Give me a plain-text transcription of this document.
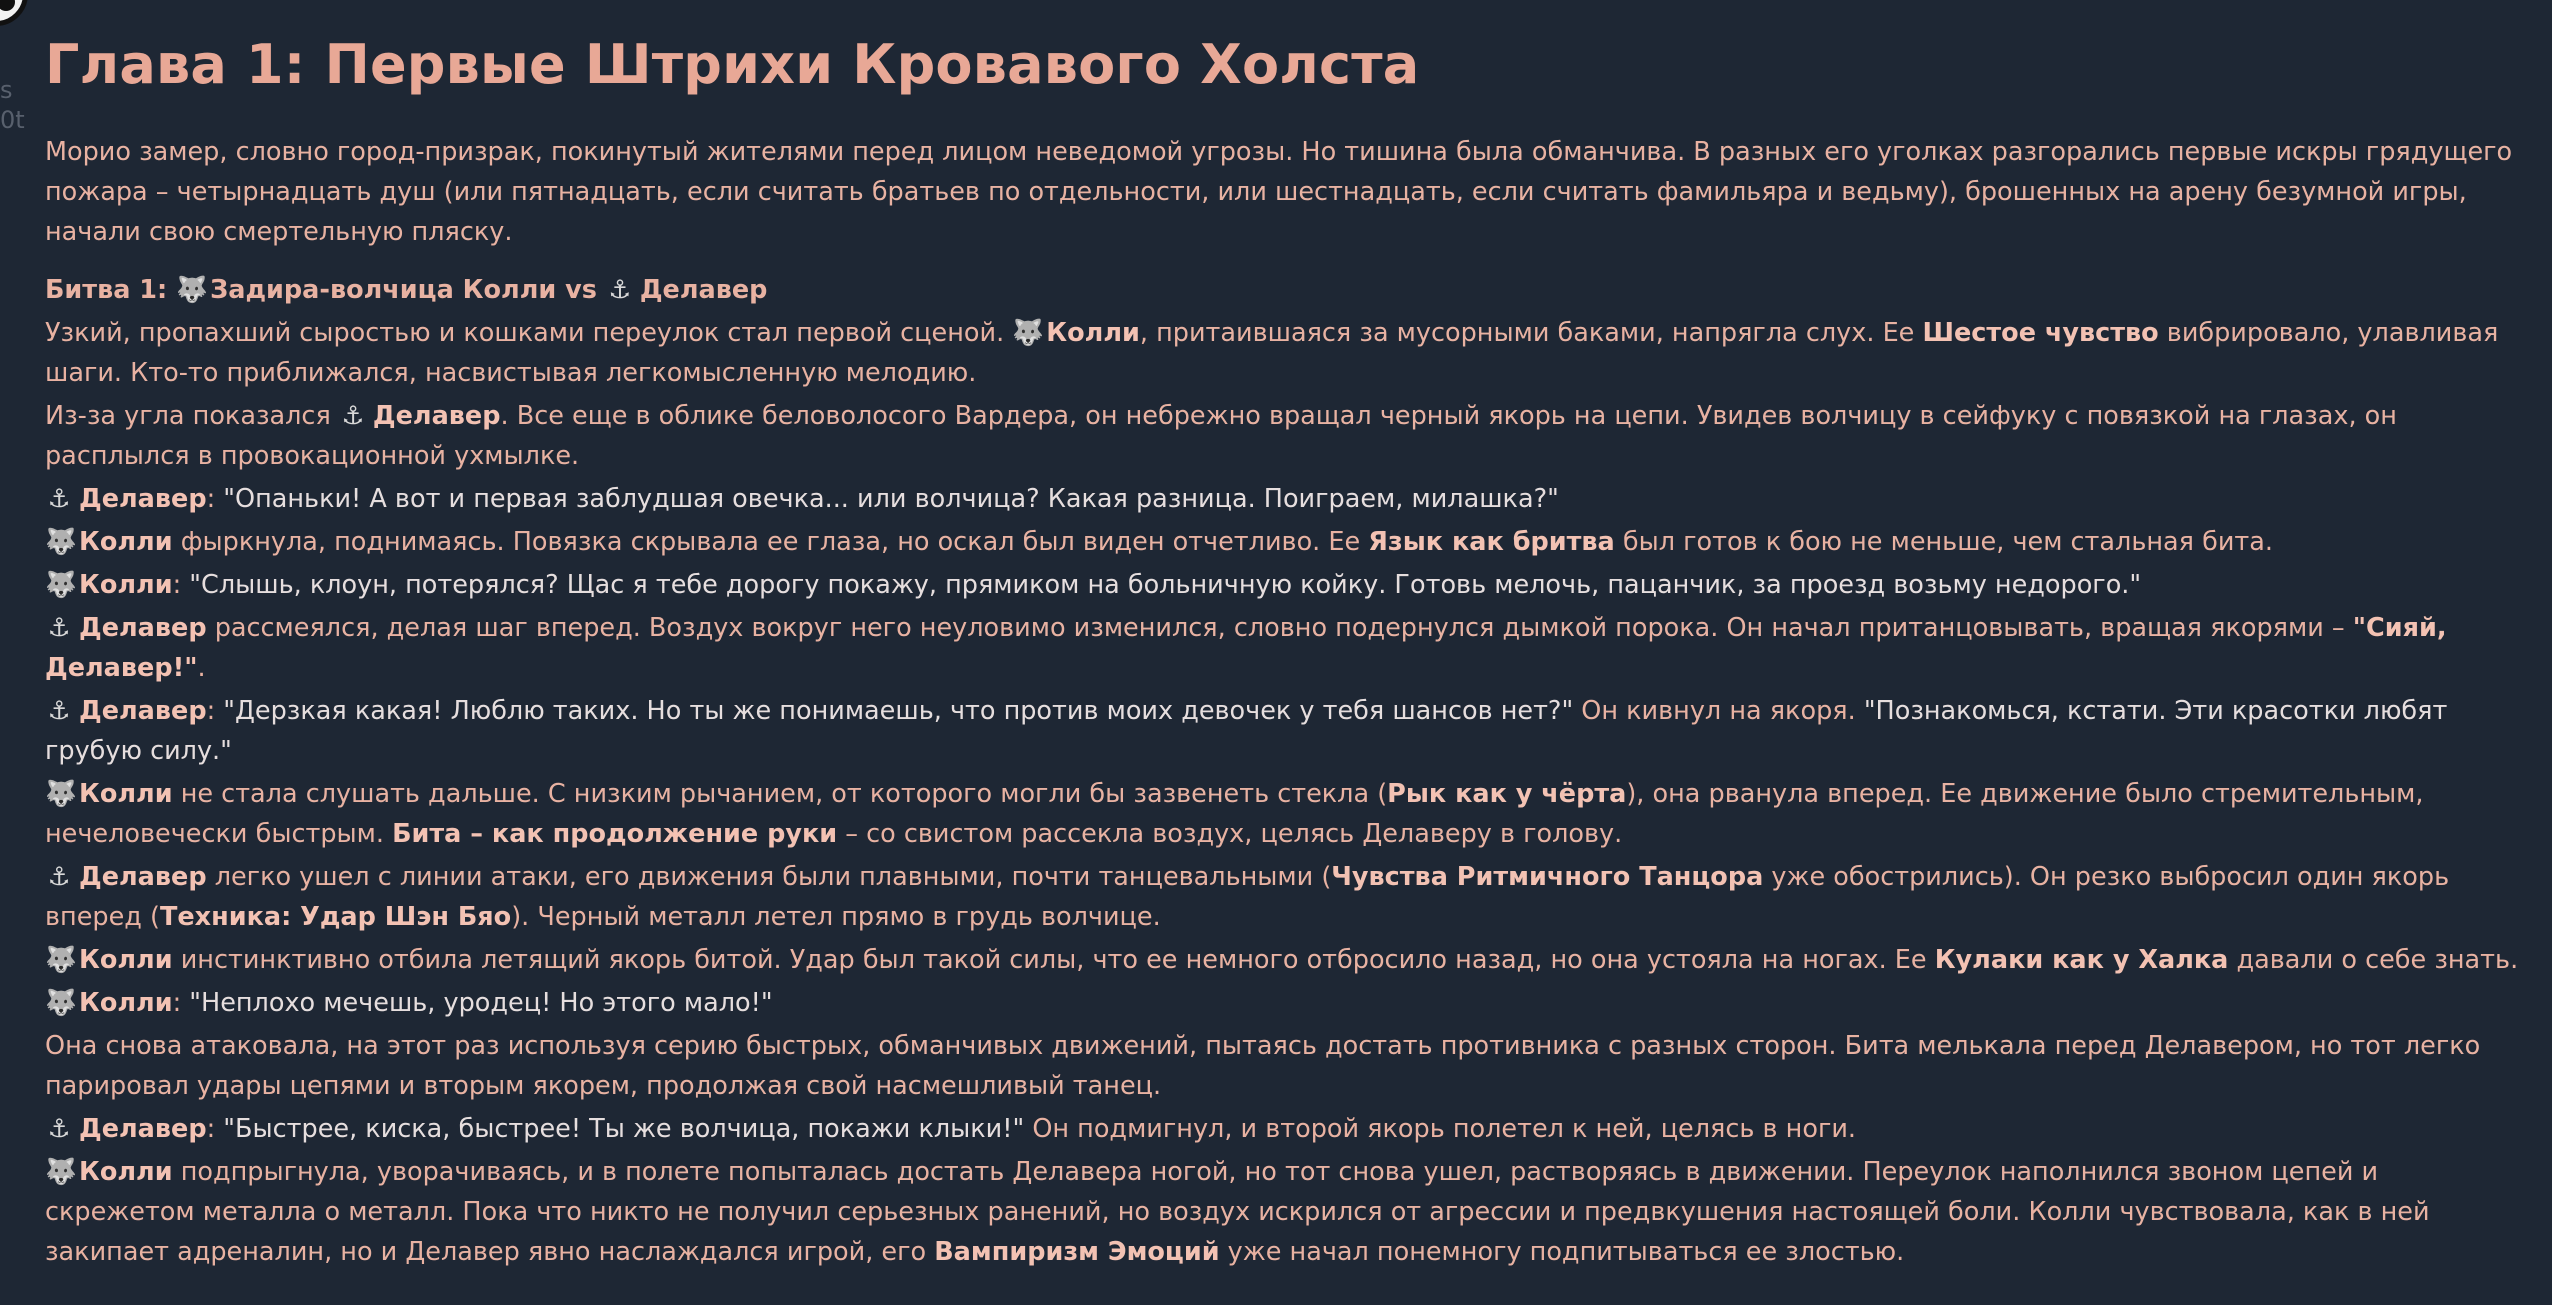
s
0t
Глава 1: Первые Штрихи Кровавого Холста

Морио замер, словно город-призрак, покинутый жителями перед лицом неведомой угрозы. Но тишина была обманчива. В разных его уголках разгорались первые искры грядущего пожара – четырнадцать душ (или пятнадцать, если считать братьев по отдельности, или шестнадцать, если считать фамильяра и ведьму), брошенных на арену безумной игры, начали свою смертельную пляску.

Битва 1: 🐺Задира-волчица Колли vs ⚓ Делавер

Узкий, пропахший сыростью и кошками переулок стал первой сценой. 🐺Колли, притаившаяся за мусорными баками, напрягла слух. Ее Шестое чувство вибрировало, улавливая шаги. Кто-то приближался, насвистывая легкомысленную мелодию.

Из-за угла показался ⚓ Делавер. Все еще в облике беловолосого Вардера, он небрежно вращал черный якорь на цепи. Увидев волчицу в сейфуку с повязкой на глазах, он расплылся в провокационной ухмылке.

⚓ Делавер: "Опаньки! А вот и первая заблудшая овечка... или волчица? Какая разница. Поиграем, милашка?"

🐺Колли фыркнула, поднимаясь. Повязка скрывала ее глаза, но оскал был виден отчетливо. Ее Язык как бритва был готов к бою не меньше, чем стальная бита.

🐺Колли: "Слышь, клоун, потерялся? Щас я тебе дорогу покажу, прямиком на больничную койку. Готовь мелочь, пацанчик, за проезд возьму недорого."

⚓ Делавер рассмеялся, делая шаг вперед. Воздух вокруг него неуловимо изменился, словно подернулся дымкой порока. Он начал пританцовывать, вращая якорями – "Сияй, Делавер!".

⚓ Делавер: "Дерзкая какая! Люблю таких. Но ты же понимаешь, что против моих девочек у тебя шансов нет?" Он кивнул на якоря. "Познакомься, кстати. Эти красотки любят грубую силу."

🐺Колли не стала слушать дальше. С низким рычанием, от которого могли бы зазвенеть стекла (Рык как у чёрта), она рванула вперед. Ее движение было стремительным, нечеловечески быстрым. Бита – как продолжение руки – со свистом рассекла воздух, целясь Делаверу в голову.

⚓ Делавер легко ушел с линии атаки, его движения были плавными, почти танцевальными (Чувства Ритмичного Танцора уже обострились). Он резко выбросил один якорь вперед (Техника: Удар Шэн Бяо). Черный металл летел прямо в грудь волчице.

🐺Колли инстинктивно отбила летящий якорь битой. Удар был такой силы, что ее немного отбросило назад, но она устояла на ногах. Ее Кулаки как у Халка давали о себе знать.

🐺Колли: "Неплохо мечешь, уродец! Но этого мало!"

Она снова атаковала, на этот раз используя серию быстрых, обманчивых движений, пытаясь достать противника с разных сторон. Бита мелькала перед Делавером, но тот легко парировал удары цепями и вторым якорем, продолжая свой насмешливый танец.

⚓ Делавер: "Быстрее, киска, быстрее! Ты же волчица, покажи клыки!" Он подмигнул, и второй якорь полетел к ней, целясь в ноги.

🐺Колли подпрыгнула, уворачиваясь, и в полете попыталась достать Делавера ногой, но тот снова ушел, растворяясь в движении. Переулок наполнился звоном цепей и скрежетом металла о металл. Пока что никто не получил серьезных ранений, но воздух искрился от агрессии и предвкушения настоящей боли. Колли чувствовала, как в ней закипает адреналин, но и Делавер явно наслаждался игрой, его Вампиризм Эмоций уже начал понемногу подпитываться ее злостью.
